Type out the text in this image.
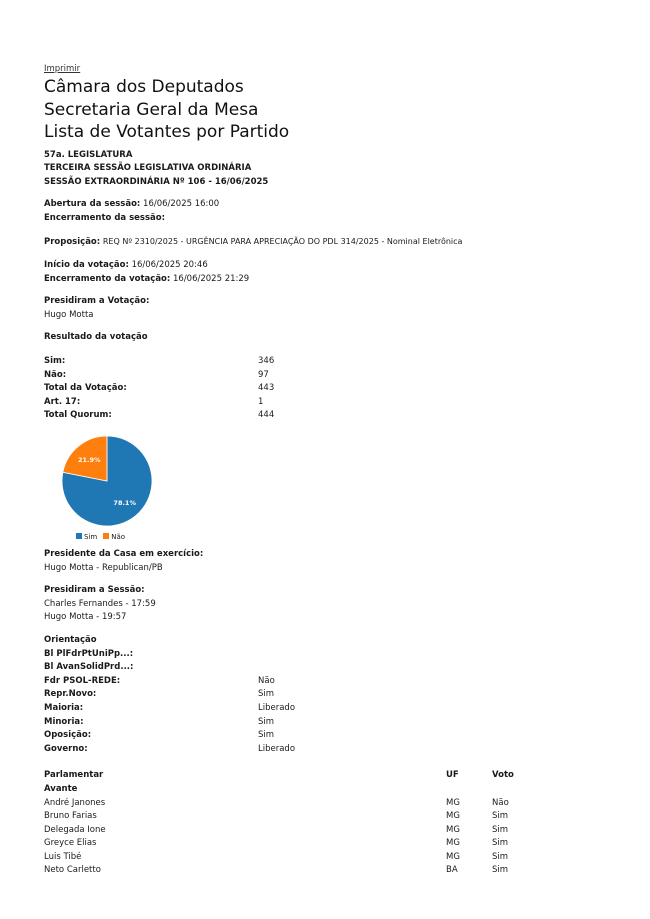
Imprimir
Câmara dos Deputados
Secretaria Geral da Mesa
Lista de Votantes por Partido
57a. LEGISLATURA
TERCEIRA SESSÃO LEGISLATIVA ORDINÁRIA
SESSÃO EXTRAORDINÁRIA Nº 106 - 16/06/2025
Abertura da sessão: 16/06/2025 16:00
Encerramento da sessão:
Proposição: REQ Nº 2310/2025 - URGÊNCIA PARA APRECIAÇÃO DO PDL 314/2025 - Nominal Eletrônica
Início da votação: 16/06/2025 20:46
Encerramento da votação: 16/06/2025 21:29
Presidiram a Votação:
Hugo Motta
Resultado da votação
Sim:	346
Não:	97
Total da Votação:	443
Art. 17:	1
Total Quorum:	444
78.1%
21.9%
Sim	Não
Presidente da Casa em exercício:
Hugo Motta - Republican/PB
Presidiram a Sessão:
Charles Fernandes - 17:59
Hugo Motta - 19:57
Orientação
Bl PlFdrPtUniPp...:
Bl AvanSolidPrd...:
Fdr PSOL-REDE:	Não
Repr.Novo:	Sim
Maioria:	Liberado
Minoria:	Sim
Oposição:	Sim
Governo:	Liberado
Parlamentar	UF	Voto
Avante
André Janones	MG	Não
Bruno Farias	MG	Sim
Delegada Ione	MG	Sim
Greyce Elias	MG	Sim
Luis Tibé	MG	Sim
Neto Carletto	BA	Sim
